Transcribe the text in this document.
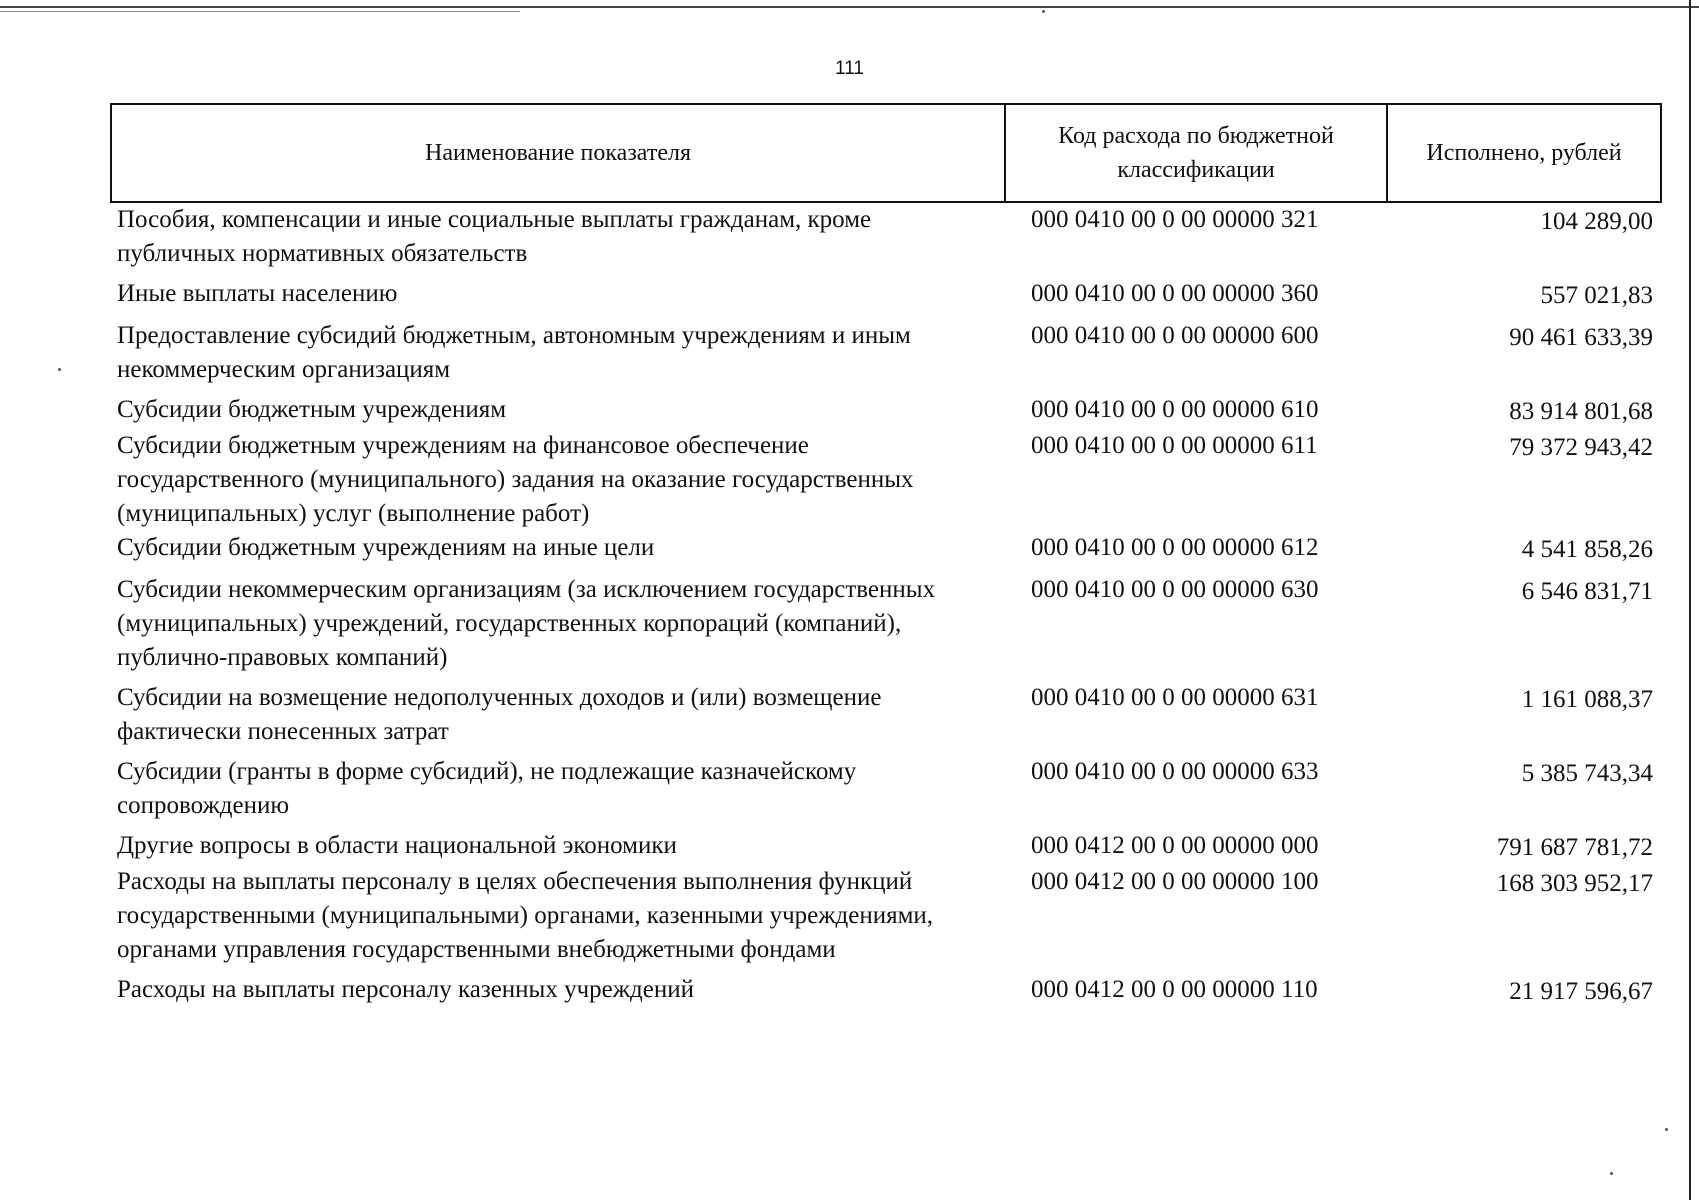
111
Наименование показателя	Код расхода по бюджетной классификации	Исполнено, рублей
Пособия, компенсации и иные социальные выплаты гражданам, кроме публичных нормативных обязательств	000 0410 00 0 00 00000 321	104 289,00
Иные выплаты населению	000 0410 00 0 00 00000 360	557 021,83
Предоставление субсидий бюджетным, автономным учреждениям и иным некоммерческим организациям	000 0410 00 0 00 00000 600	90 461 633,39
Субсидии бюджетным учреждениям	000 0410 00 0 00 00000 610	83 914 801,68
Субсидии бюджетным учреждениям на финансовое обеспечение государственного (муниципального) задания на оказание государственных (муниципальных) услуг (выполнение работ)	000 0410 00 0 00 00000 611	79 372 943,42
Субсидии бюджетным учреждениям на иные цели	000 0410 00 0 00 00000 612	4 541 858,26
Субсидии некоммерческим организациям (за исключением государственных (муниципальных) учреждений, государственных корпораций (компаний), публично-правовых компаний)	000 0410 00 0 00 00000 630	6 546 831,71
Субсидии на возмещение недополученных доходов и (или) возмещение фактически понесенных затрат	000 0410 00 0 00 00000 631	1 161 088,37
Субсидии (гранты в форме субсидий), не подлежащие казначейскому сопровождению	000 0410 00 0 00 00000 633	5 385 743,34
Другие вопросы в области национальной экономики	000 0412 00 0 00 00000 000	791 687 781,72
Расходы на выплаты персоналу в целях обеспечения выполнения функций государственными (муниципальными) органами, казенными учреждениями, органами управления государственными внебюджетными фондами	000 0412 00 0 00 00000 100	168 303 952,17
Расходы на выплаты персоналу казенных учреждений	000 0412 00 0 00 00000 110	21 917 596,67
